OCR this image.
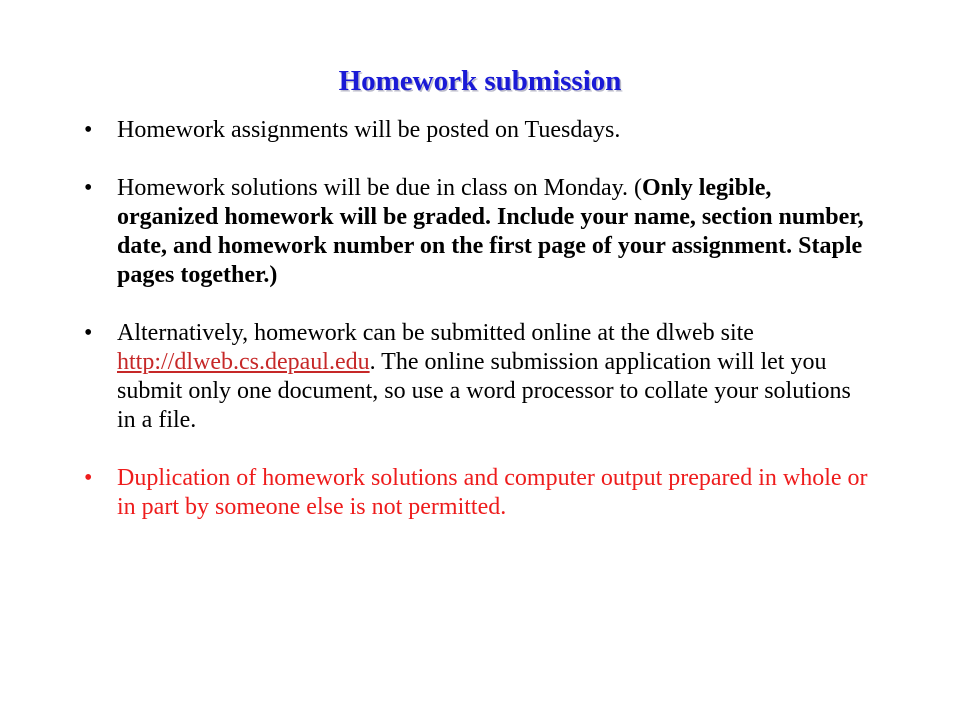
Homework submission
• Homework assignments will be posted on Tuesdays.
• Homework solutions will be due in class on Monday. (Only legible, organized homework will be graded. Include your name, section number, date, and homework number on the first page of your assignment. Staple pages together.)
• Alternatively, homework can be submitted online at the dlweb site http://dlweb.cs.depaul.edu. The online submission application will let you submit only one document, so use a word processor to collate your solutions in a file.
• Duplication of homework solutions and computer output prepared in whole or in part by someone else is not permitted.
